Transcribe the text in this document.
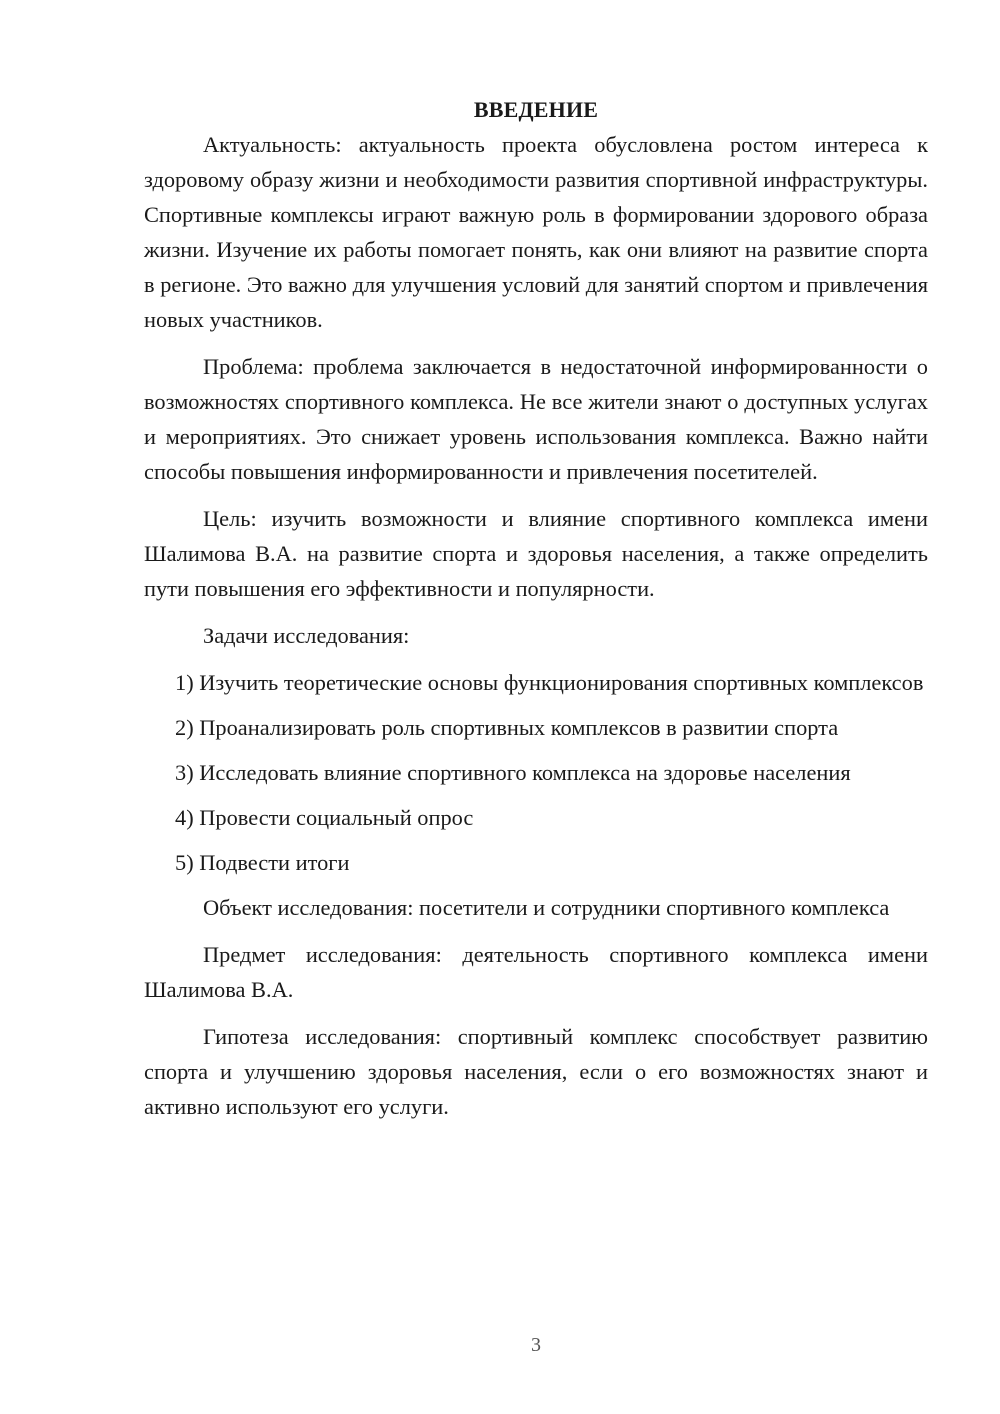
ВВЕДЕНИЕ

Актуальность: актуальность проекта обусловлена ростом интереса к здоровому образу жизни и необходимости развития спортивной инфраструктуры. Спортивные комплексы играют важную роль в формировании здорового образа жизни. Изучение их работы помогает понять, как они влияют на развитие спорта в регионе. Это важно для улучшения условий для занятий спортом и привлечения новых участников.

Проблема: проблема заключается в недостаточной информированности о возможностях спортивного комплекса. Не все жители знают о доступных услугах и мероприятиях. Это снижает уровень использования комплекса. Важно найти способы повышения информированности и привлечения посетителей.

Цель: изучить возможности и влияние спортивного комплекса имени Шалимова В.А. на развитие спорта и здоровья населения, а также определить пути повышения его эффективности и популярности.

Задачи исследования:

1) Изучить теоретические основы функционирования спортивных комплексов

2) Проанализировать роль спортивных комплексов в развитии спорта

3) Исследовать влияние спортивного комплекса на здоровье населения

4) Провести социальный опрос

5) Подвести итоги

Объект исследования: посетители и сотрудники спортивного комплекса

Предмет исследования: деятельность спортивного комплекса имени Шалимова В.А.

Гипотеза исследования: спортивный комплекс способствует развитию спорта и улучшению здоровья населения, если о его возможностях знают и активно используют его услуги.

3
